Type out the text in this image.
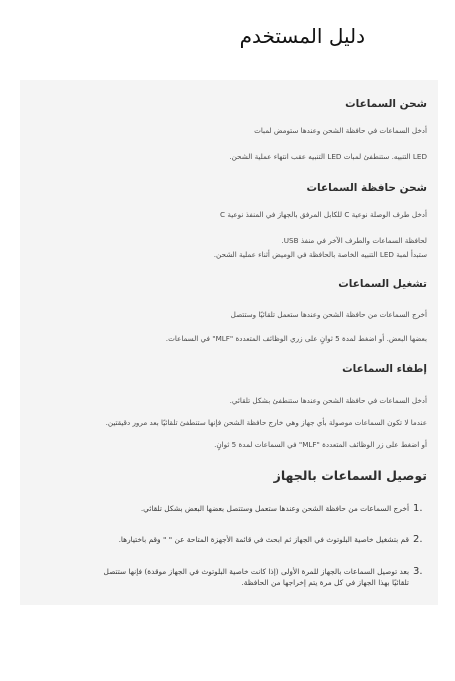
دليل المستخدم

شحن السماعات

أدخل السماعات في حافظة الشحن وعندها ستومض لمبات

LED التنبيه. ستنطفئ لمبات LED التنبيه عقب انتهاء عملية الشحن.

شحن حافظة السماعات

أدخل طرف الوصلة نوعية C للكابل المرفق بالجهاز في المنفذ نوعية C

لحافظة السماعات والطرف الآخر في منفذ USB.

ستبدأ لمبة LED التنبيه الخاصة بالحافظة في الوميض أثناء عملية الشحن.

تشغيل السماعات

أخرج السماعات من حافظة الشحن وعندها ستعمل تلقائيًا وستتصل

بعضها البعض. أو اضغط لمدة 5 ثوانٍ على زري الوظائف المتعددة "MLF" في السماعات.

إطفاء السماعات

أدخل السماعات في حافظة الشحن وعندها ستنطفئ بشكل تلقائي.

عندما لا تكون السماعات موصولة بأي جهاز وهي خارج حافظة الشحن فإنها ستنطفئ تلقائيًا بعد مرور دقيقتين.

أو اضغط على زر الوظائف المتعددة "MLF" في السماعات لمدة 5 ثوانٍ.

توصيل السماعات بالجهاز

1.
أخرج السماعات من حافظة الشحن وعندها ستعمل وستتصل بعضها البعض بشكل تلقائي.
2.
قم بتشغيل خاصية البلوتوث في الجهاز ثم ابحث في قائمة الأجهزة المتاحة عن " " وقم باختيارها.
3.
بعد توصيل السماعات بالجهاز للمرة الأولى (إذا كانت خاصية البلوتوث في الجهاز موقدة) فإنها ستتصل
تلقائيًا بهذا الجهاز في كل مرة يتم إخراجها من الحافظة.
